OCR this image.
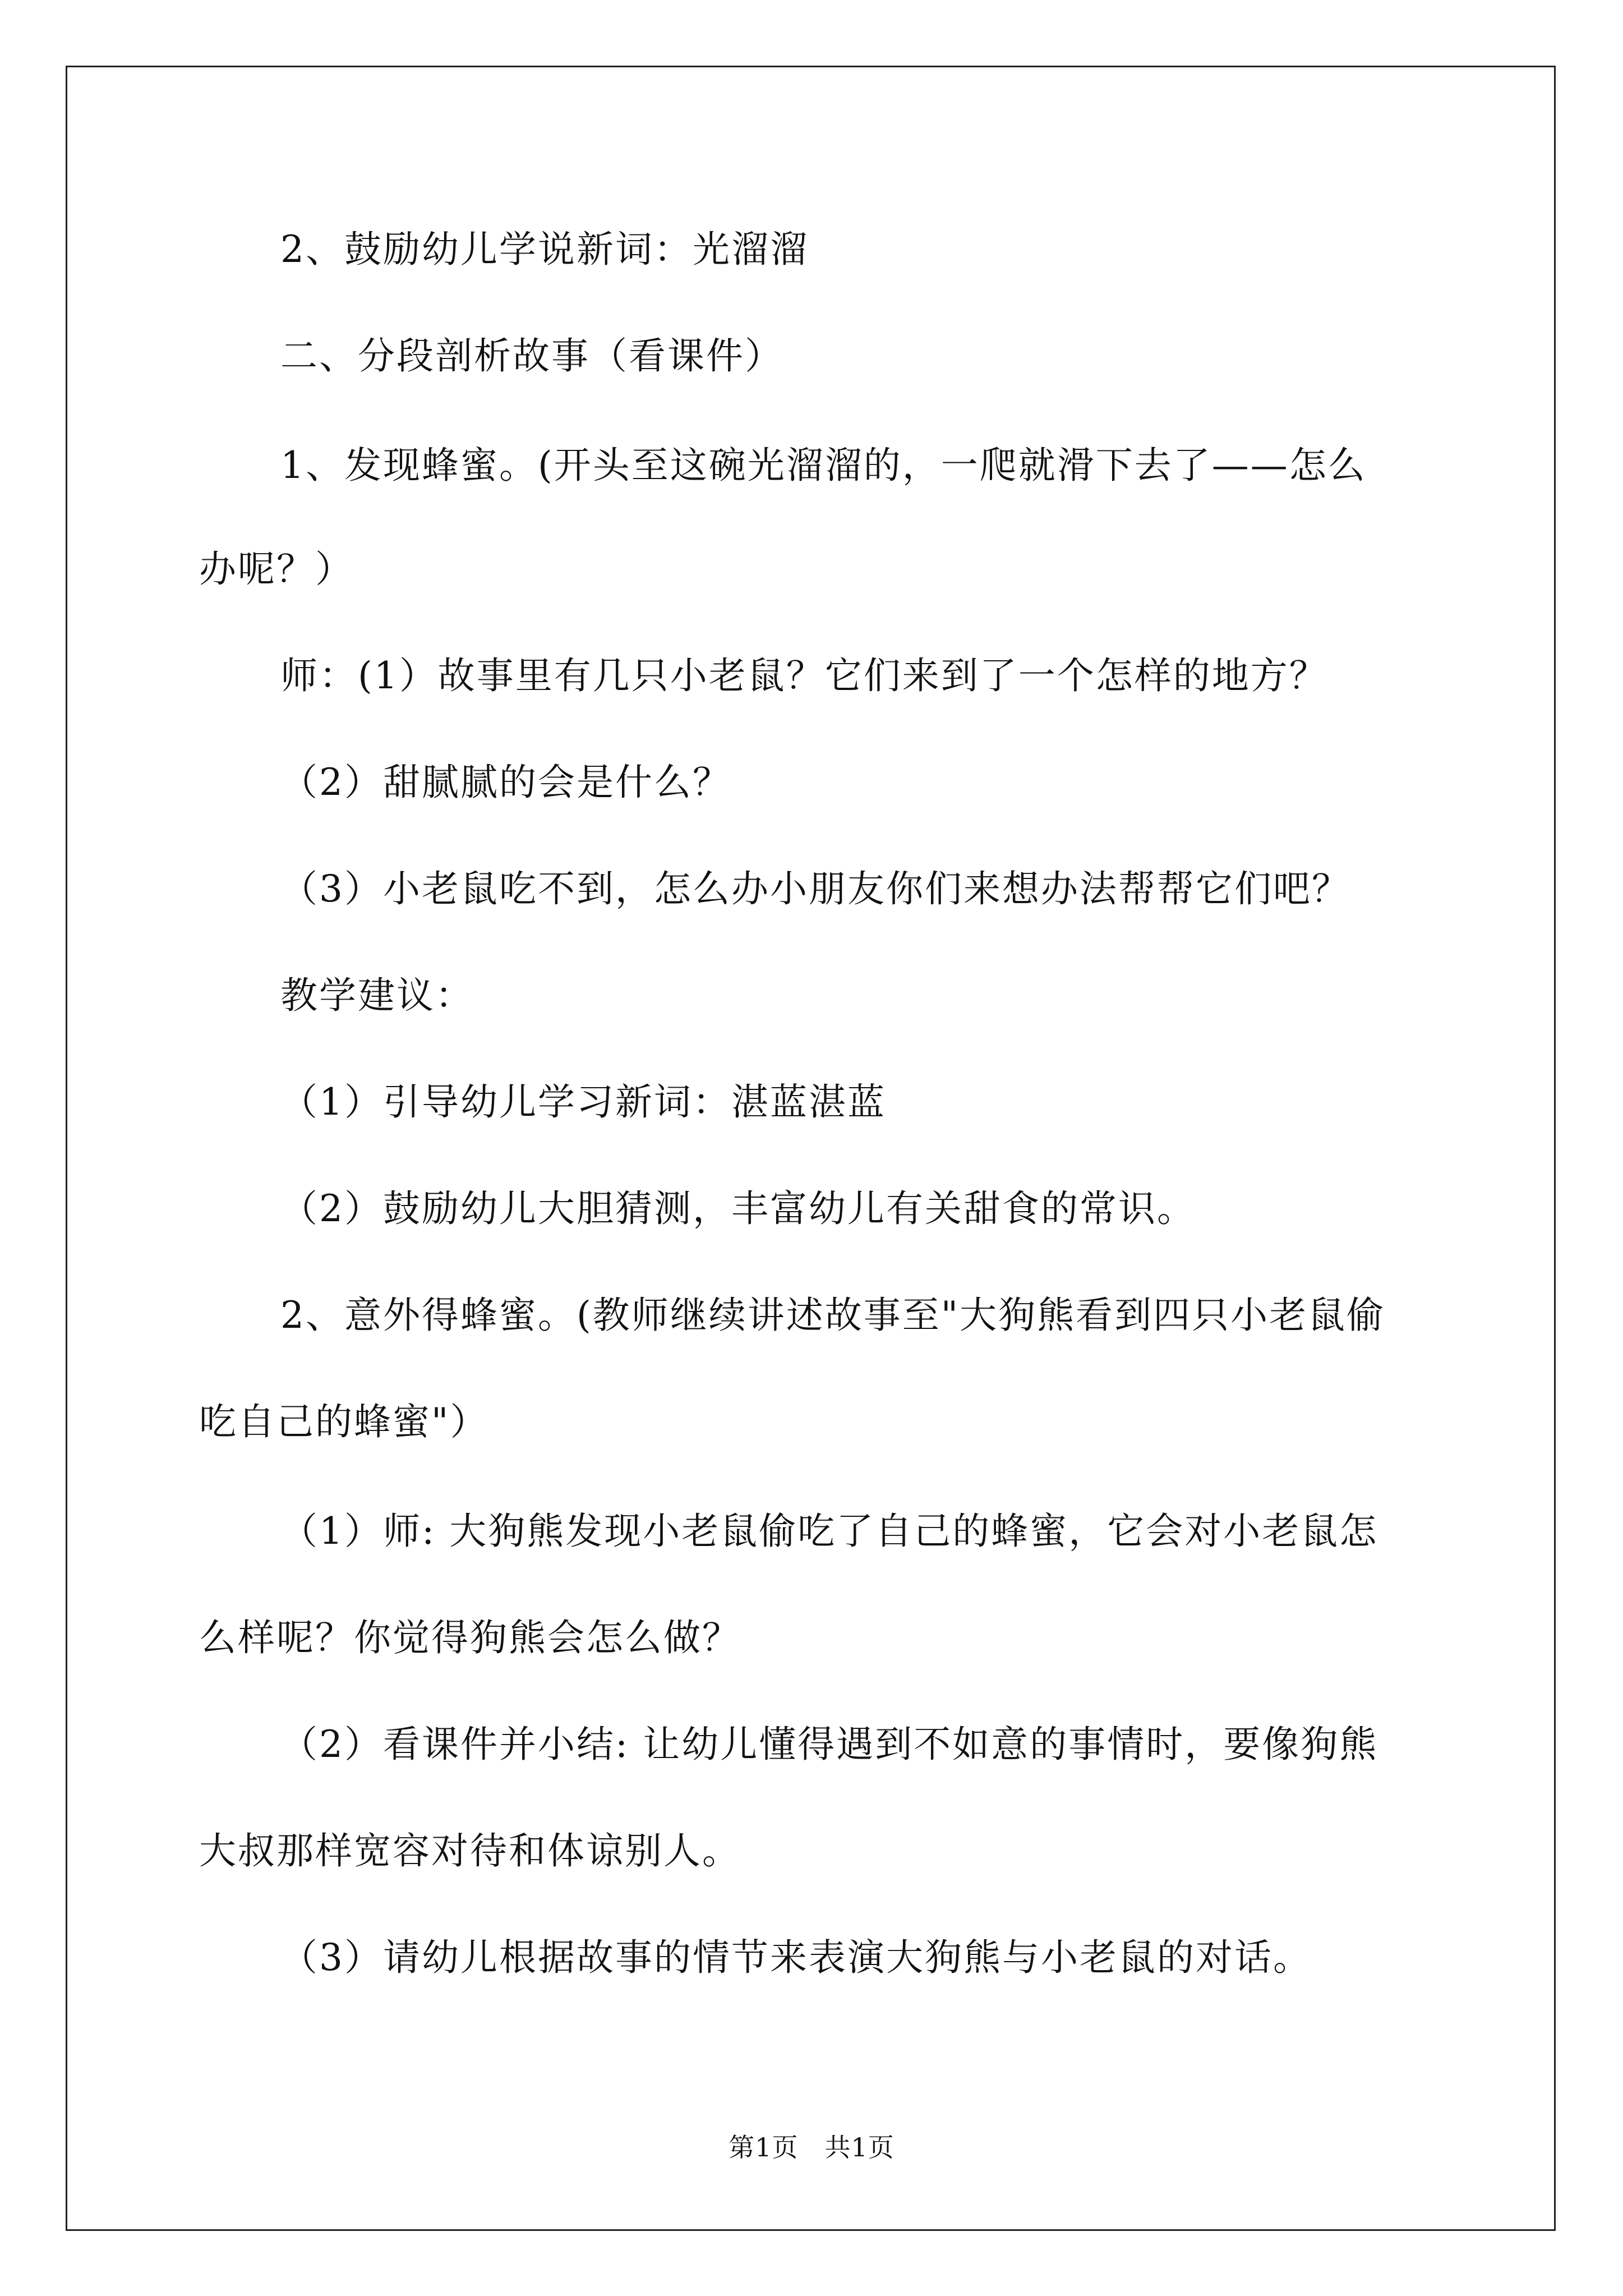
2、鼓励幼儿学说新词：光溜溜
二、分段剖析故事（看课件）
1、发现蜂蜜。(开头至这碗光溜溜的，一爬就滑下去了——怎么
办呢？）
师：(1）故事里有几只小老鼠？它们来到了一个怎样的地方？
（2）甜腻腻的会是什么？
（3）小老鼠吃不到，怎么办小朋友你们来想办法帮帮它们吧？
教学建议：
（1）引导幼儿学习新词：湛蓝湛蓝
（2）鼓励幼儿大胆猜测，丰富幼儿有关甜食的常识。
2、意外得蜂蜜。(教师继续讲述故事至"大狗熊看到四只小老鼠偷
吃自己的蜂蜜"）
（1）师: 大狗熊发现小老鼠偷吃了自己的蜂蜜，它会对小老鼠怎
么样呢？你觉得狗熊会怎么做？
（2）看课件并小结: 让幼儿懂得遇到不如意的事情时，要像狗熊
大叔那样宽容对待和体谅别人。
（3）请幼儿根据故事的情节来表演大狗熊与小老鼠的对话。
第1页　共1页
